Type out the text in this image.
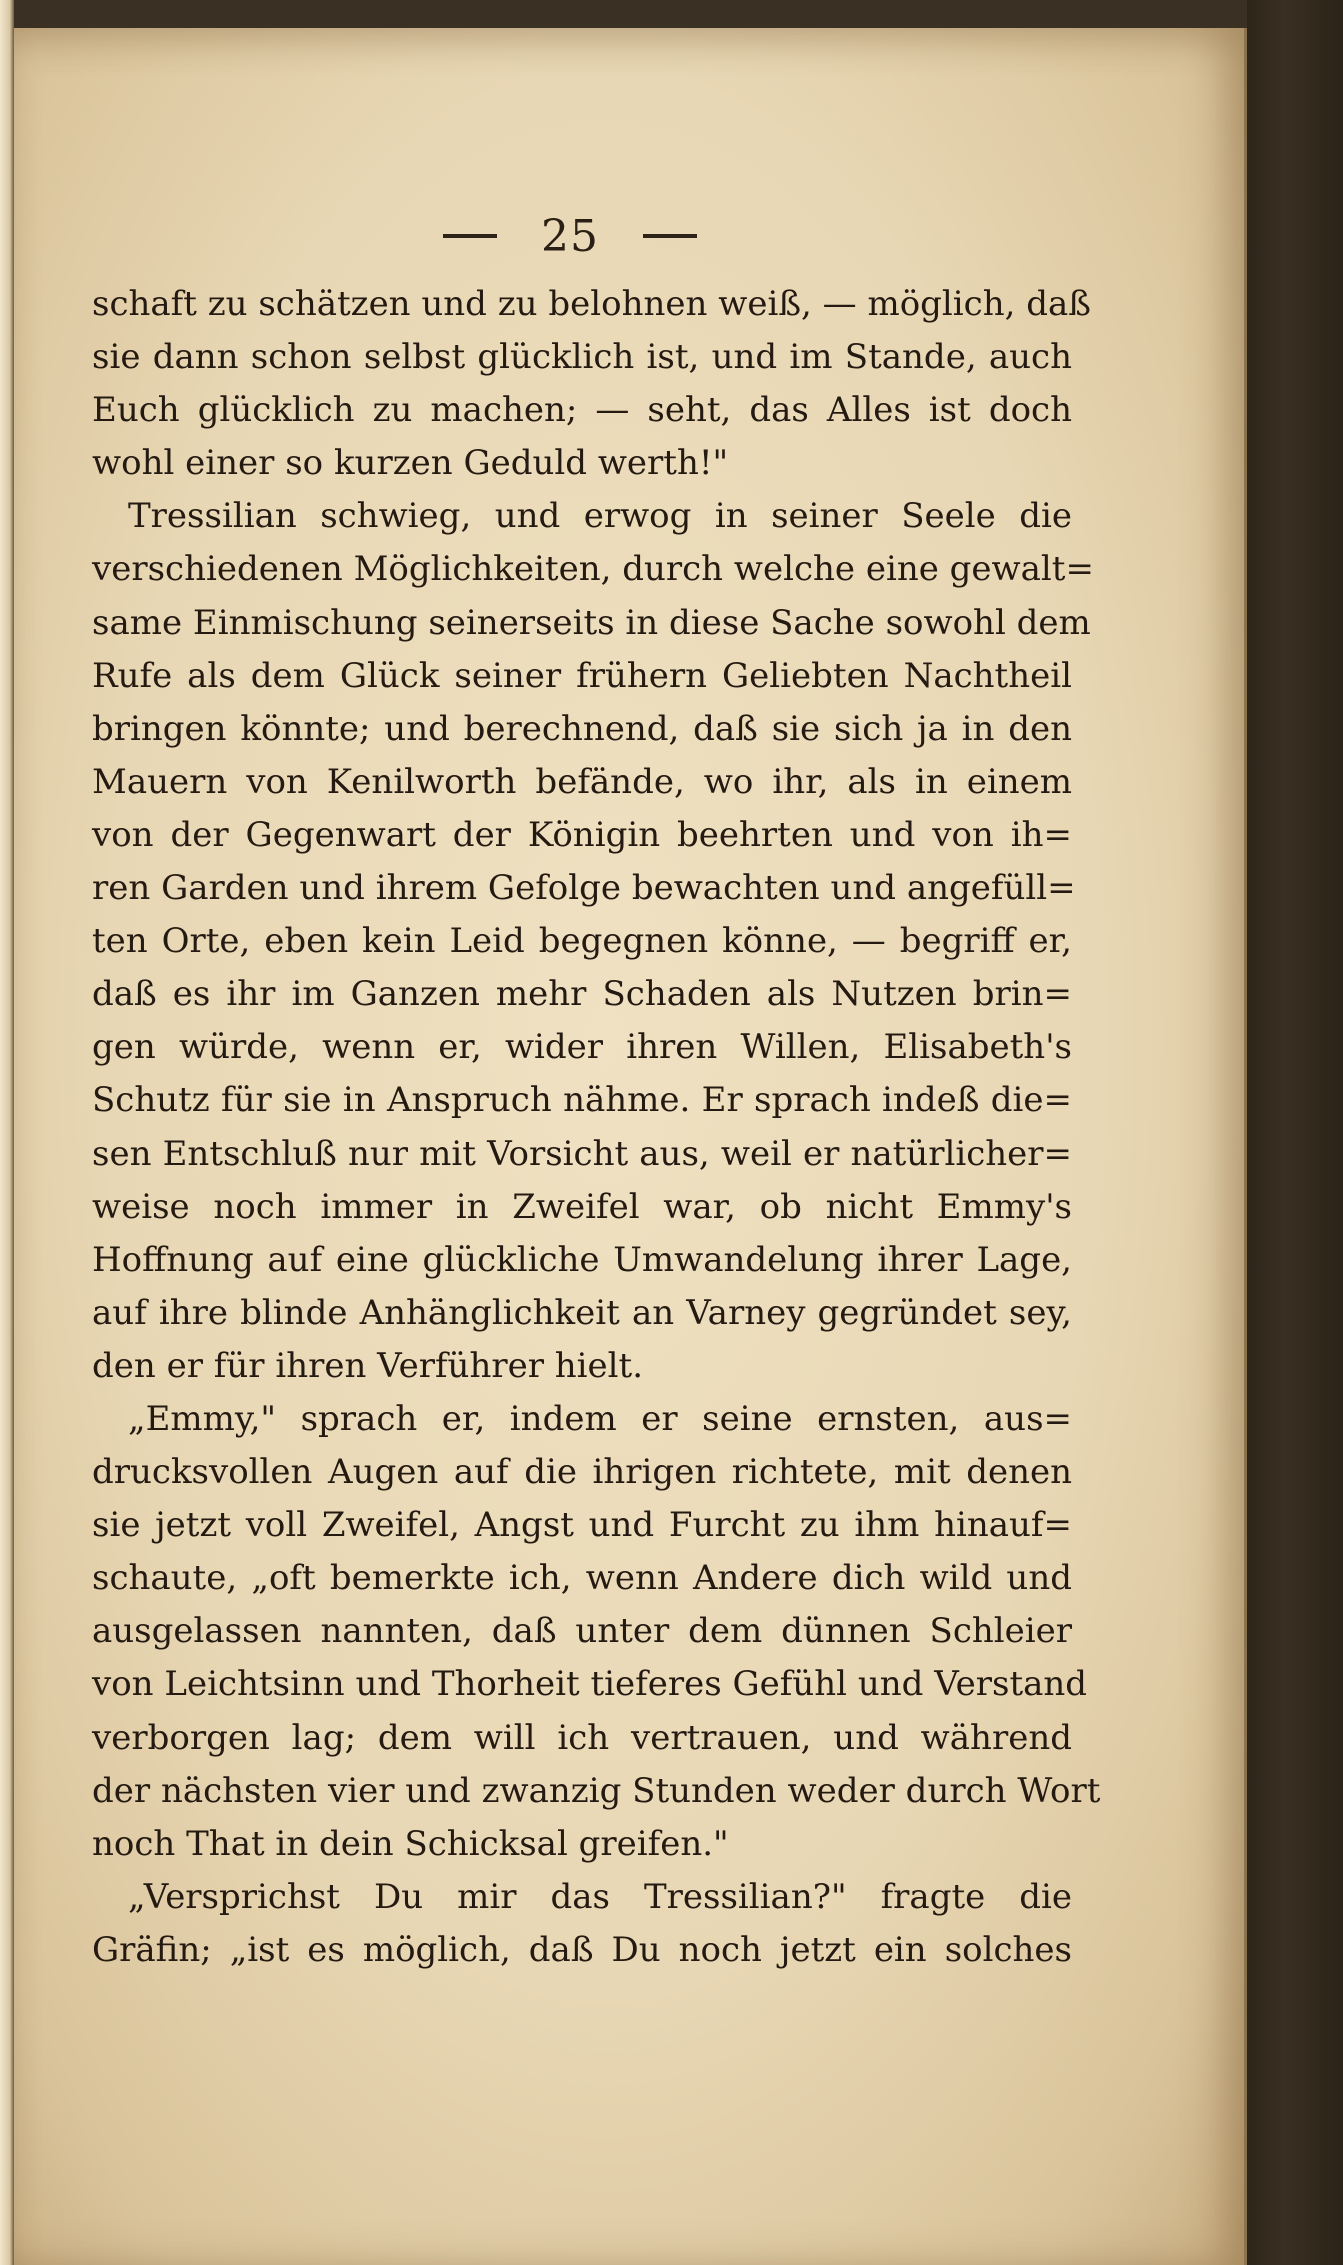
25
schaft zu schätzen und zu belohnen weiß, — möglich, daß
sie dann schon selbst glücklich ist, und im Stande, auch
Euch glücklich zu machen; — seht, das Alles ist doch
wohl einer so kurzen Geduld werth!"
Tressilian schwieg, und erwog in seiner Seele die
verschiedenen Möglichkeiten, durch welche eine gewalt=
same Einmischung seinerseits in diese Sache sowohl dem
Rufe als dem Glück seiner frühern Geliebten Nachtheil
bringen könnte; und berechnend, daß sie sich ja in den
Mauern von Kenilworth befände, wo ihr, als in einem
von der Gegenwart der Königin beehrten und von ih=
ren Garden und ihrem Gefolge bewachten und angefüll=
ten Orte, eben kein Leid begegnen könne, — begriff er,
daß es ihr im Ganzen mehr Schaden als Nutzen brin=
gen würde, wenn er, wider ihren Willen, Elisabeth's
Schutz für sie in Anspruch nähme. Er sprach indeß die=
sen Entschluß nur mit Vorsicht aus, weil er natürlicher=
weise noch immer in Zweifel war, ob nicht Emmy's
Hoffnung auf eine glückliche Umwandelung ihrer Lage,
auf ihre blinde Anhänglichkeit an Varney gegründet sey,
den er für ihren Verführer hielt.
„Emmy," sprach er, indem er seine ernsten, aus=
drucksvollen Augen auf die ihrigen richtete, mit denen
sie jetzt voll Zweifel, Angst und Furcht zu ihm hinauf=
schaute, „oft bemerkte ich, wenn Andere dich wild und
ausgelassen nannten, daß unter dem dünnen Schleier
von Leichtsinn und Thorheit tieferes Gefühl und Verstand
verborgen lag; dem will ich vertrauen, und während
der nächsten vier und zwanzig Stunden weder durch Wort
noch That in dein Schicksal greifen."
„Versprichst Du mir das Tressilian?" fragte die
Gräfin; „ist es möglich, daß Du noch jetzt ein solches
